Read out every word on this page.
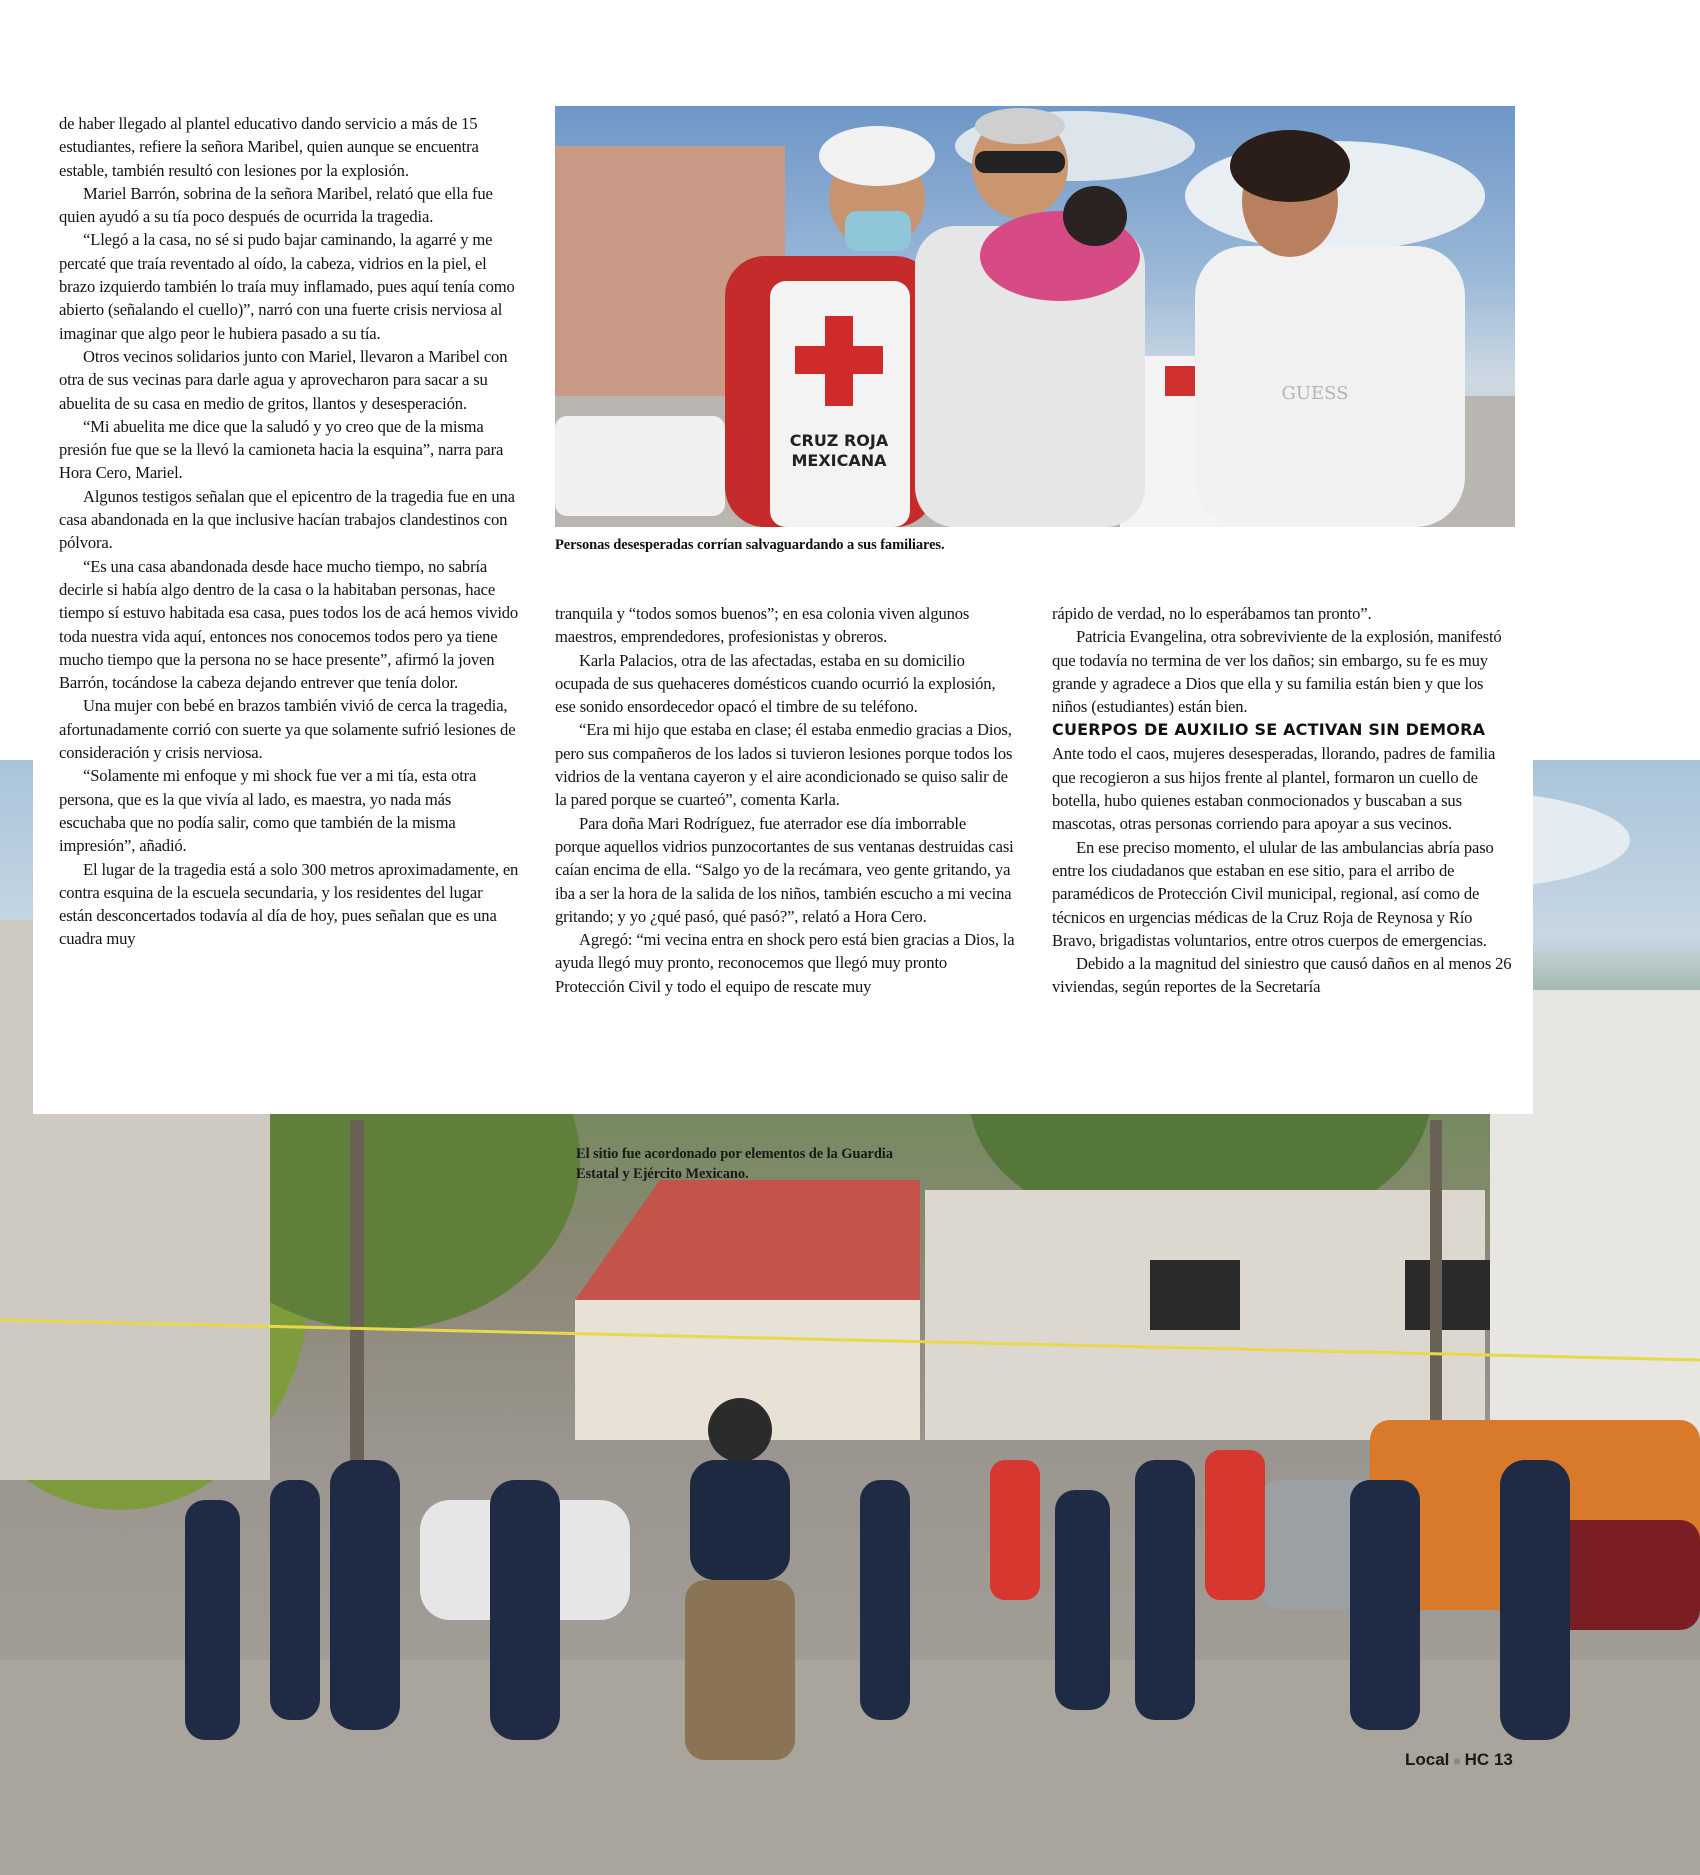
CRUZ ROJA
MEXICANA
GUESS
Personas desesperadas corrían salvaguardando a sus familiares.
El sitio fue acordonado por elementos de la Guardia Estatal y Ejército Mexicano.

de haber llegado al plantel educativo dando servicio a más de 15 estudiantes, refiere la señora Maribel, quien aunque se encuentra estable, también resultó con lesiones por la explosión.

Mariel Barrón, sobrina de la señora Maribel, relató que ella fue quien ayudó a su tía poco después de ocurrida la tragedia.

“Llegó a la casa, no sé si pudo bajar caminando, la agarré y me percaté que traía reventado al oído, la cabeza, vidrios en la piel, el brazo izquierdo también lo traía muy inflamado, pues aquí tenía como abierto (señalando el cuello)”, narró con una fuerte crisis nerviosa al imaginar que algo peor le hubiera pasado a su tía.

Otros vecinos solidarios junto con Mariel, llevaron a Maribel con otra de sus vecinas para darle agua y aprovecharon para sacar a su abuelita de su casa en medio de gritos, llantos y desesperación.

“Mi abuelita me dice que la saludó y yo creo que de la misma presión fue que se la llevó la camioneta hacia la esquina”, narra para Hora Cero, Mariel.

Algunos testigos señalan que el epicentro de la tragedia fue en una casa abandonada en la que inclusive hacían trabajos clandestinos con pólvora.

“Es una casa abandonada desde hace mucho tiempo, no sabría decirle si había algo dentro de la casa o la habitaban personas, hace tiempo sí estuvo habitada esa casa, pues todos los de acá hemos vivido toda nuestra vida aquí, entonces nos conocemos todos pero ya tiene mucho tiempo que la persona no se hace presente”, afirmó la joven Barrón, tocándose la cabeza dejando entrever que tenía dolor.

Una mujer con bebé en brazos también vivió de cerca la tragedia, afortunadamente corrió con suerte ya que solamente sufrió lesiones de consideración y crisis nerviosa.

“Solamente mi enfoque y mi shock fue ver a mi tía, esta otra persona, que es la que vivía al lado, es maestra, yo nada más escuchaba que no podía salir, como que también de la misma impresión”, añadió.

El lugar de la tragedia está a solo 300 metros aproximadamente, en contra esquina de la escuela secundaria, y los residentes del lugar están desconcertados todavía al día de hoy, pues señalan que es una cuadra muy

tranquila y “todos somos buenos”; en esa colonia viven algunos maestros, emprendedores, profesionistas y obreros.

Karla Palacios, otra de las afectadas, estaba en su domicilio ocupada de sus quehaceres domésticos cuando ocurrió la explosión, ese sonido ensordecedor opacó el timbre de su teléfono.

“Era mi hijo que estaba en clase; él estaba enmedio gracias a Dios, pero sus compañeros de los lados si tuvieron lesiones porque todos los vidrios de la ventana cayeron y el aire acondicionado se quiso salir de la pared porque se cuarteó”, comenta Karla.

Para doña Mari Rodríguez, fue aterrador ese día imborrable porque aquellos vidrios punzocortantes de sus ventanas destruidas casi caían encima de ella. “Salgo yo de la recámara, veo gente gritando, ya iba a ser la hora de la salida de los niños, también escucho a mi vecina gritando; y yo ¿qué pasó, qué pasó?”, relató a Hora Cero.

Agregó: “mi vecina entra en shock pero está bien gracias a Dios, la ayuda llegó muy pronto, reconocemos que llegó muy pronto Protección Civil y todo el equipo de rescate muy

rápido de verdad, no lo esperábamos tan pronto”.

Patricia Evangelina, otra sobreviviente de la explosión, manifestó que todavía no termina de ver los daños; sin embargo, su fe es muy grande y agradece a Dios que ella y su familia están bien y que los niños (estudiantes) están bien.

CUERPOS DE AUXILIO SE ACTIVAN SIN DEMORA

Ante todo el caos, mujeres desesperadas, llorando, padres de familia que recogieron a sus hijos frente al plantel, formaron un cuello de botella, hubo quienes estaban conmocionados y buscaban a sus mascotas, otras personas corriendo para apoyar a sus vecinos.

En ese preciso momento, el ulular de las ambulancias abría paso entre los ciudadanos que estaban en ese sitio, para el arribo de paramédicos de Protección Civil municipal, regional, así como de técnicos en urgencias médicas de la Cruz Roja de Reynosa y Río Bravo, brigadistas voluntarios, entre otros cuerpos de emergencias.

Debido a la magnitud del siniestro que causó daños en al menos 26 viviendas, según reportes de la Secretaría

Local ■ HC 13
